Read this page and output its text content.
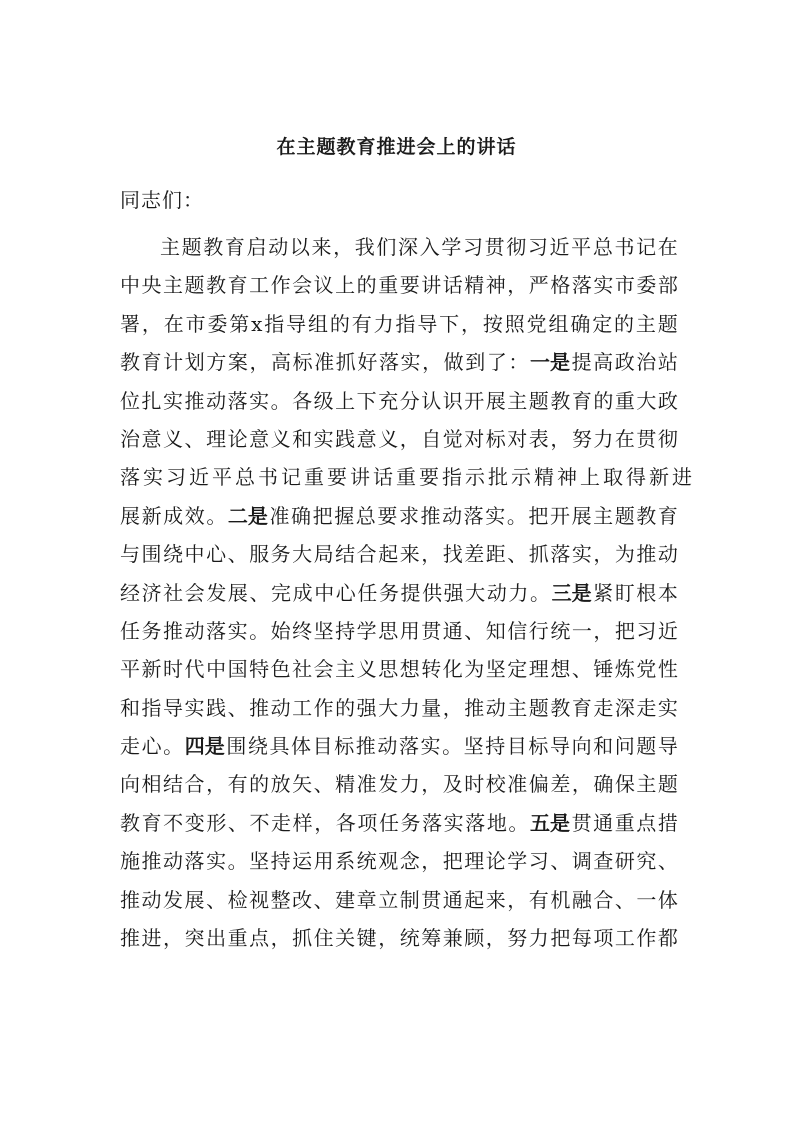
在主题教育推进会上的讲话
同志们：
主 题 教 育 启 动 以 来 ， 我 们 深 入 学 习 贯 彻 习 近 平 总 书 记 在
中 央 主 题 教 育 工 作 会 议 上 的 重 要 讲 话 精 神 ， 严 格 落 实 市 委 部
署 ， 在 市 委 第 x 指 导 组 的 有 力 指 导 下 ， 按 照 党 组 确 定 的 主 题
教 育 计 划 方 案 ， 高 标 准 抓 好 落 实 ， 做 到 了 ： 一 是 提 高 政 治 站
位 扎 实 推 动 落 实 。 各 级 上 下 充 分 认 识 开 展 主 题 教 育 的 重 大 政
治 意 义 、 理 论 意 义 和 实 践 意 义 ， 自 觉 对 标 对 表 ， 努 力 在 贯 彻
落 实 习 近 平 总 书 记 重 要 讲 话 重 要 指 示 批 示 精 神 上 取 得 新 进
展 新 成 效 。 二 是 准 确 把 握 总 要 求 推 动 落 实 。 把 开 展 主 题 教 育
与 围 绕 中 心 、 服 务 大 局 结 合 起 来 ， 找 差 距 、 抓 落 实 ， 为 推 动
经 济 社 会 发 展 、 完 成 中 心 任 务 提 供 强 大 动 力 。 三 是 紧 盯 根 本
任 务 推 动 落 实 。 始 终 坚 持 学 思 用 贯 通 、 知 信 行 统 一 ， 把 习 近
平 新 时 代 中 国 特 色 社 会 主 义 思 想 转 化 为 坚 定 理 想 、 锤 炼 党 性
和 指 导 实 践 、 推 动 工 作 的 强 大 力 量 ， 推 动 主 题 教 育 走 深 走 实
走 心 。 四 是 围 绕 具 体 目 标 推 动 落 实 。 坚 持 目 标 导 向 和 问 题 导
向 相 结 合 ， 有 的 放 矢 、 精 准 发 力 ， 及 时 校 准 偏 差 ， 确 保 主 题
教 育 不 变 形 、 不 走 样 ， 各 项 任 务 落 实 落 地 。 五 是 贯 通 重 点 措
施 推 动 落 实 。 坚 持 运 用 系 统 观 念 ， 把 理 论 学 习 、 调 查 研 究 、
推 动 发 展 、 检 视 整 改 、 建 章 立 制 贯 通 起 来 ， 有 机 融 合 、 一 体
推 进 ， 突 出 重 点 ， 抓 住 关 键 ， 统 筹 兼 顾 ， 努 力 把 每 项 工 作 都
